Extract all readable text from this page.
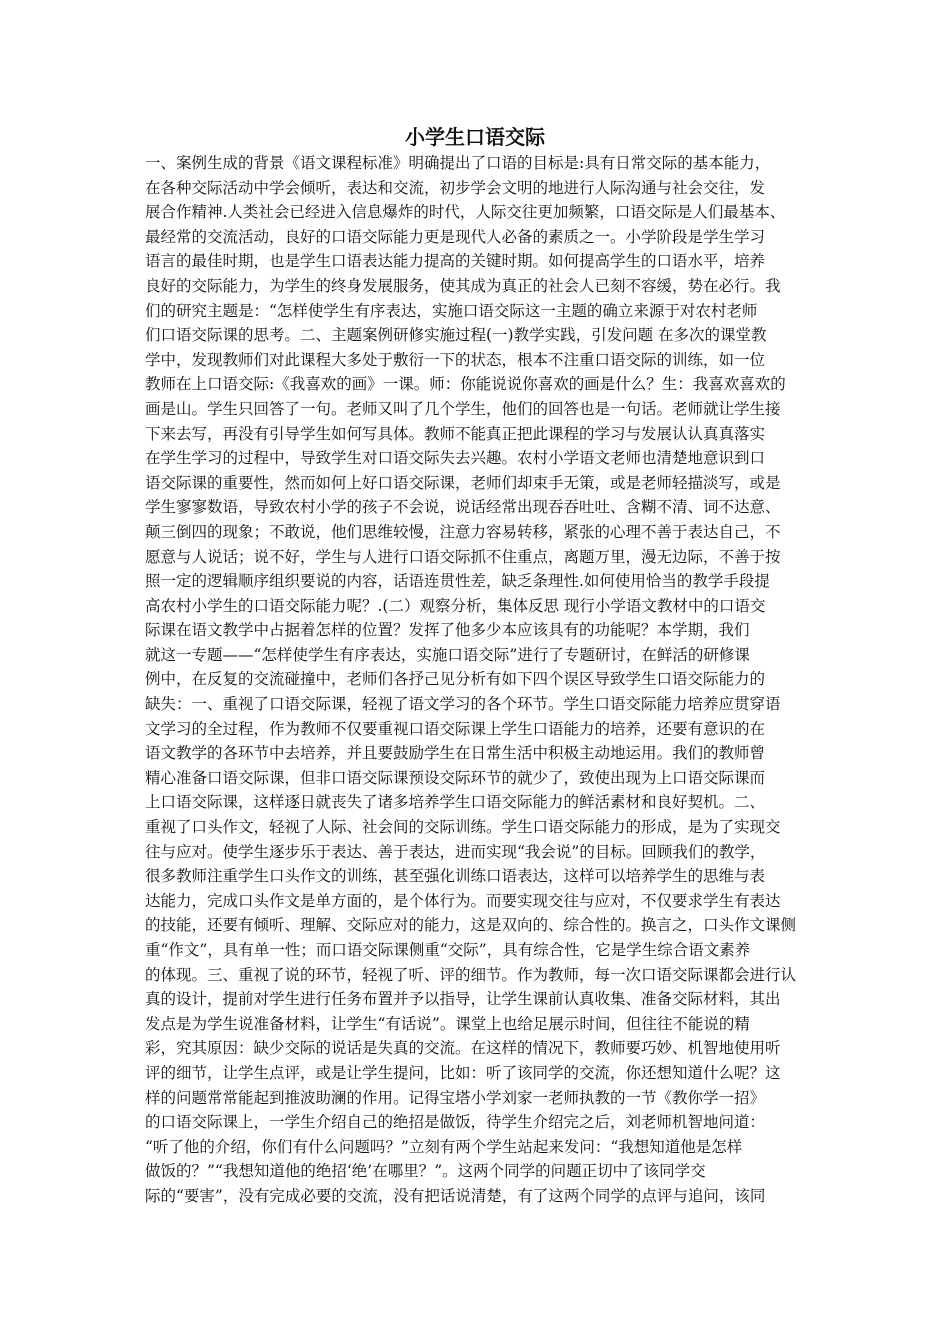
小学生口语交际
一、案例生成的背景《语文课程标准》明确提出了口语的目标是:具有日常交际的基本能力，
在各种交际活动中学会倾听，表达和交流，初步学会文明的地进行人际沟通与社会交往，发
展合作精神.人类社会已经进入信息爆炸的时代，人际交往更加频繁，口语交际是人们最基本、
最经常的交流活动，良好的口语交际能力更是现代人必备的素质之一。小学阶段是学生学习
语言的最佳时期，也是学生口语表达能力提高的关键时期。如何提高学生的口语水平，培养
良好的交际能力，为学生的终身发展服务，使其成为真正的社会人已刻不容缓，势在必行。我
们的研究主题是：“怎样使学生有序表达，实施口语交际这一主题的确立来源于对农村老师
们口语交际课的思考。二、主题案例研修实施过程(一)教学实践，引发问题 在多次的课堂教
学中，发现教师们对此课程大多处于敷衍一下的状态，根本不注重口语交际的训练，如一位
教师在上口语交际:《我喜欢的画》一课。师：你能说说你喜欢的画是什么？生：我喜欢喜欢的
画是山。学生只回答了一句。老师又叫了几个学生，他们的回答也是一句话。老师就让学生接
下来去写，再没有引导学生如何写具体。教师不能真正把此课程的学习与发展认认真真落实
在学生学习的过程中，导致学生对口语交际失去兴趣。农村小学语文老师也清楚地意识到口
语交际课的重要性，然而如何上好口语交际课，老师们却束手无策，或是老师轻描淡写，或是
学生寥寥数语，导致农村小学的孩子不会说，说话经常出现吞吞吐吐、含糊不清、词不达意、
颠三倒四的现象；不敢说，他们思维较慢，注意力容易转移，紧张的心理不善于表达自己，不
愿意与人说话；说不好，学生与人进行口语交际抓不住重点，离题万里，漫无边际，不善于按
照一定的逻辑顺序组织要说的内容，话语连贯性差，缺乏条理性.如何使用恰当的教学手段提
高农村小学生的口语交际能力呢？.(二）观察分析，集体反思 现行小学语文教材中的口语交
际课在语文教学中占据着怎样的位置？发挥了他多少本应该具有的功能呢？本学期，我们
就这一专题——“怎样使学生有序表达，实施口语交际”进行了专题研讨，在鲜活的研修课
例中，在反复的交流碰撞中，老师们各抒己见分析有如下四个误区导致学生口语交际能力的
缺失：一、重视了口语交际课，轻视了语文学习的各个环节。学生口语交际能力培养应贯穿语
文学习的全过程，作为教师不仅要重视口语交际课上学生口语能力的培养，还要有意识的在
语文教学的各环节中去培养，并且要鼓励学生在日常生活中积极主动地运用。我们的教师曾
精心准备口语交际课，但非口语交际课预设交际环节的就少了，致使出现为上口语交际课而
上口语交际课，这样逐日就丧失了诸多培养学生口语交际能力的鲜活素材和良好契机。二、
重视了口头作文，轻视了人际、社会间的交际训练。学生口语交际能力的形成，是为了实现交
往与应对。使学生逐步乐于表达、善于表达，进而实现“我会说”的目标。回顾我们的教学，
很多教师注重学生口头作文的训练，甚至强化训练口语表达，这样可以培养学生的思维与表
达能力，完成口头作文是单方面的，是个体行为。而要实现交往与应对，不仅要求学生有表达
的技能，还要有倾听、理解、交际应对的能力，这是双向的、综合性的。换言之，口头作文课侧
重“作文”，具有单一性；而口语交际课侧重“交际”，具有综合性，它是学生综合语文素养
的体现。三、重视了说的环节，轻视了听、评的细节。作为教师，每一次口语交际课都会进行认
真的设计，提前对学生进行任务布置并予以指导，让学生课前认真收集、准备交际材料，其出
发点是为学生说准备材料，让学生“有话说”。课堂上也给足展示时间，但往往不能说的精
彩，究其原因：缺少交际的说话是失真的交流。在这样的情况下，教师要巧妙、机智地使用听
评的细节，让学生点评，或是让学生提问，比如：听了该同学的交流，你还想知道什么呢？这
样的问题常常能起到推波助澜的作用。记得宝塔小学刘家一老师执教的一节《教你学一招》
的口语交际课上，一学生介绍自己的绝招是做饭，待学生介绍完之后，刘老师机智地问道：
“听了他的介绍，你们有什么问题吗？”立刻有两个学生站起来发问：“我想知道他是怎样
做饭的？”“我想知道他的绝招‘绝’在哪里？”。这两个同学的问题正切中了该同学交
际的“要害”，没有完成必要的交流，没有把话说清楚，有了这两个同学的点评与追问，该同
